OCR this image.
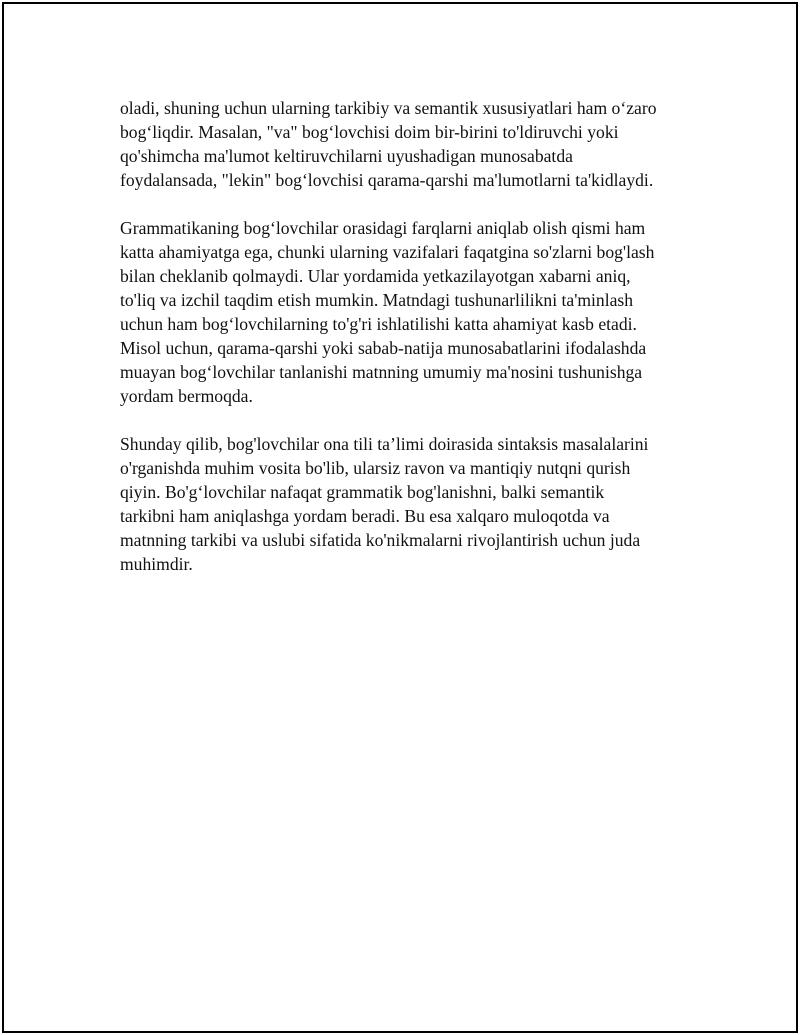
oladi, shuning uchun ularning tarkibiy va semantik xususiyatlari ham o‘zaro
bog‘liqdir. Masalan, "va" bog‘lovchisi doim bir-birini to'ldiruvchi yoki
qo'shimcha ma'lumot keltiruvchilarni uyushadigan munosabatda
foydalansada, "lekin" bog‘lovchisi qarama-qarshi ma'lumotlarni ta'kidlaydi.

Grammatikaning bog‘lovchilar orasidagi farqlarni aniqlab olish qismi ham
katta ahamiyatga ega, chunki ularning vazifalari faqatgina so'zlarni bog'lash
bilan cheklanib qolmaydi. Ular yordamida yetkazilayotgan xabarni aniq,
to'liq va izchil taqdim etish mumkin. Matndagi tushunarlilikni ta'minlash
uchun ham bog‘lovchilarning to'g'ri ishlatilishi katta ahamiyat kasb etadi.
Misol uchun, qarama-qarshi yoki sabab-natija munosabatlarini ifodalashda
muayan bog‘lovchilar tanlanishi matnning umumiy ma'nosini tushunishga
yordam bermoqda.

Shunday qilib, bog'lovchilar ona tili ta’limi doirasida sintaksis masalalarini
o'rganishda muhim vosita bo'lib, ularsiz ravon va mantiqiy nutqni qurish
qiyin. Bo'g‘lovchilar nafaqat grammatik bog'lanishni, balki semantik
tarkibni ham aniqlashga yordam beradi. Bu esa xalqaro muloqotda va
matnning tarkibi va uslubi sifatida ko'nikmalarni rivojlantirish uchun juda
muhimdir.
